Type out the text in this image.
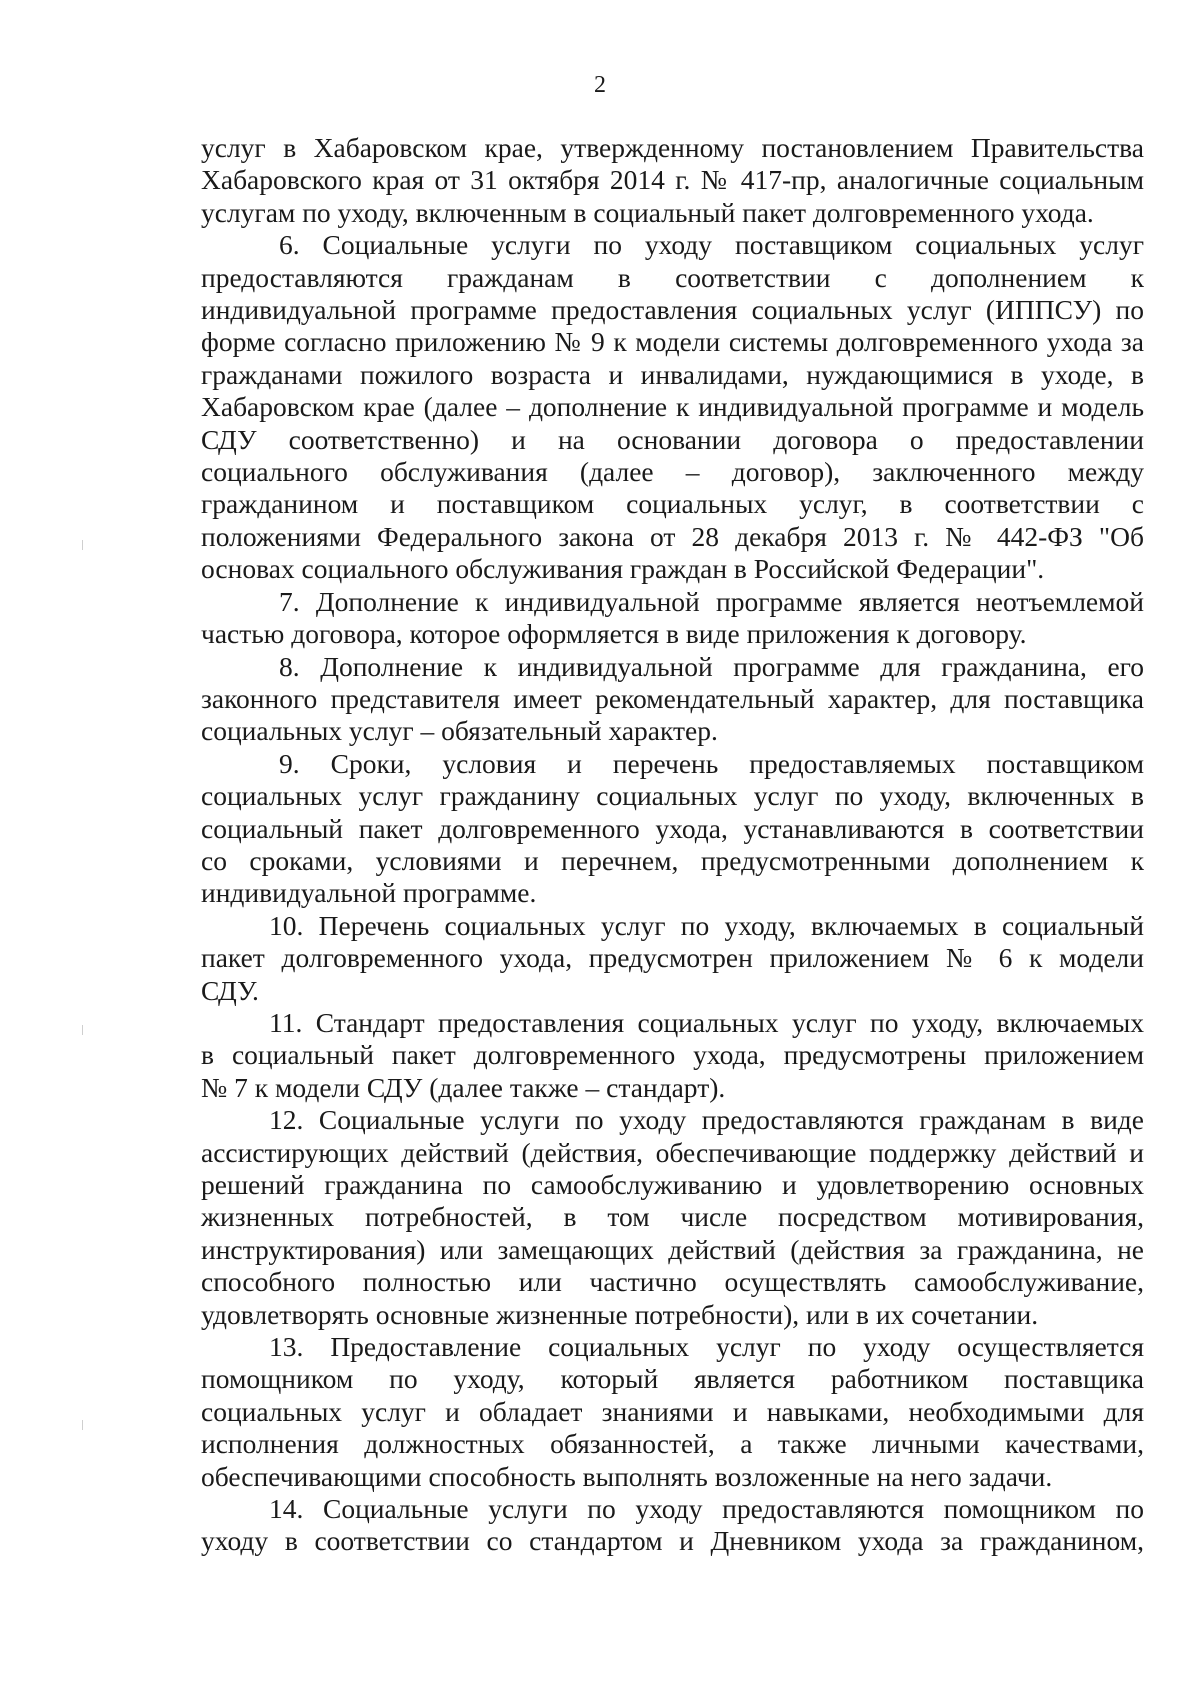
2

услуг в Хабаровском крае, утвержденному постановлением Правительства
Хабаровского края от 31 октября 2014 г. № 417-пр, аналогичные социальным
услугам по уходу, включенным в социальный пакет долговременного ухода.

6. Социальные услуги по уходу поставщиком социальных услуг
предоставляются гражданам в соответствии с дополнением к
индивидуальной программе предоставления социальных услуг (ИППСУ) по
форме согласно приложению № 9 к модели системы долговременного ухода за
гражданами пожилого возраста и инвалидами, нуждающимися в уходе, в
Хабаровском крае (далее – дополнение к индивидуальной программе и модель
СДУ соответственно) и на основании договора о предоставлении
социального обслуживания (далее – договор), заключенного между
гражданином и поставщиком социальных услуг, в соответствии с
положениями Федерального закона от 28 декабря 2013 г. № 442-ФЗ "Об
основах социального обслуживания граждан в Российской Федерации".

7. Дополнение к индивидуальной программе является неотъемлемой
частью договора, которое оформляется в виде приложения к договору.

8. Дополнение к индивидуальной программе для гражданина, его
законного представителя имеет рекомендательный характер, для поставщика
социальных услуг – обязательный характер.

9. Сроки, условия и перечень предоставляемых поставщиком
социальных услуг гражданину социальных услуг по уходу, включенных в
социальный пакет долговременного ухода, устанавливаются в соответствии
со сроками, условиями и перечнем, предусмотренными дополнением к
индивидуальной программе.

10. Перечень социальных услуг по уходу, включаемых в социальный
пакет долговременного ухода, предусмотрен приложением № 6 к модели
СДУ.

11. Стандарт предоставления социальных услуг по уходу, включаемых
в социальный пакет долговременного ухода, предусмотрены приложением
№ 7 к модели СДУ (далее также – стандарт).

12. Социальные услуги по уходу предоставляются гражданам в виде
ассистирующих действий (действия, обеспечивающие поддержку действий и
решений гражданина по самообслуживанию и удовлетворению основных
жизненных потребностей, в том числе посредством мотивирования,
инструктирования) или замещающих действий (действия за гражданина, не
способного полностью или частично осуществлять самообслуживание,
удовлетворять основные жизненные потребности), или в их сочетании.

13. Предоставление социальных услуг по уходу осуществляется
помощником по уходу, который является работником поставщика
социальных услуг и обладает знаниями и навыками, необходимыми для
исполнения должностных обязанностей, а также личными качествами,
обеспечивающими способность выполнять возложенные на него задачи.

14. Социальные услуги по уходу предоставляются помощником по
уходу в соответствии со стандартом и Дневником ухода за гражданином,
